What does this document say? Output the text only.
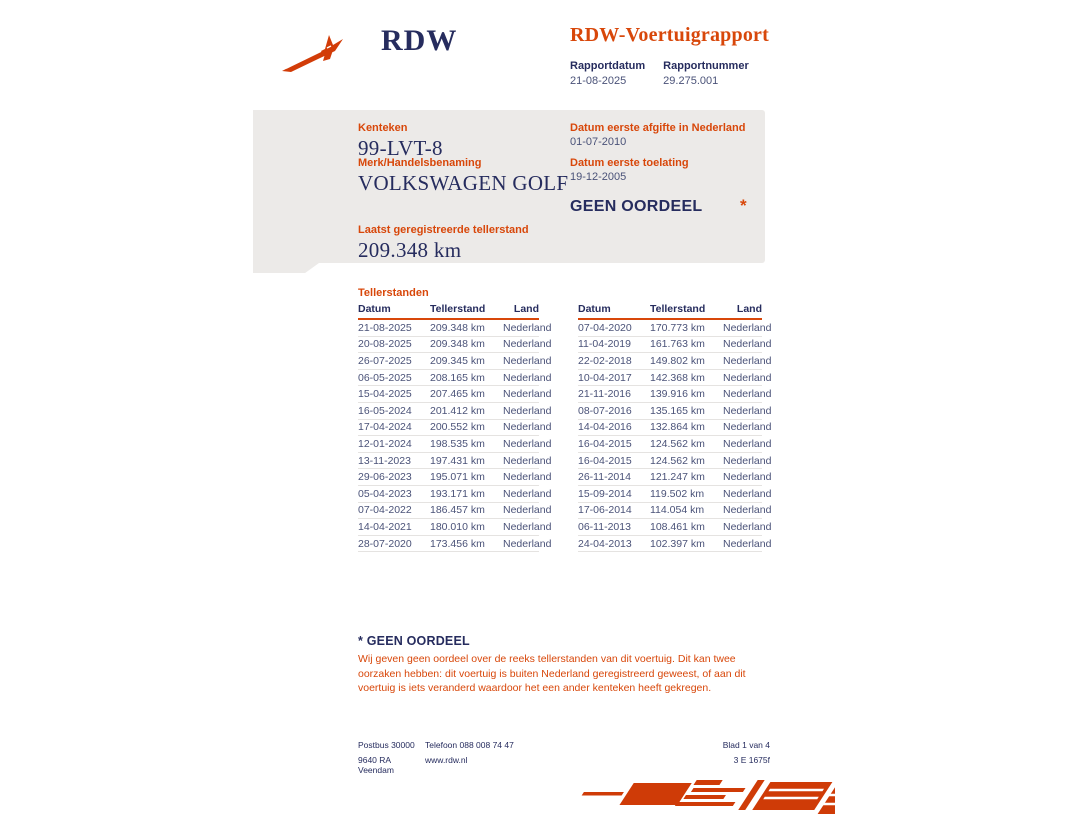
RDW	RDW-Voertuigrapport
Rapportdatum
21-08-2025
Rapportnummer
29.275.001
Kenteken
99-LVT-8
Merk/Handelsbenaming
VOLKSWAGEN GOLF
Laatst geregistreerde tellerstand
209.348 km
Datum eerste afgifte in Nederland
01-07-2010
Datum eerste toelating
19-12-2005
GEEN OORDEEL *
Tellerstanden
Datum	Tellerstand	Land
21-08-2025	209.348 km	Nederland
20-08-2025	209.348 km	Nederland
26-07-2025	209.345 km	Nederland
06-05-2025	208.165 km	Nederland
15-04-2025	207.465 km	Nederland
16-05-2024	201.412 km	Nederland
17-04-2024	200.552 km	Nederland
12-01-2024	198.535 km	Nederland
13-11-2023	197.431 km	Nederland
29-06-2023	195.071 km	Nederland
05-04-2023	193.171 km	Nederland
07-04-2022	186.457 km	Nederland
14-04-2021	180.010 km	Nederland
28-07-2020	173.456 km	Nederland
Datum	Tellerstand	Land
07-04-2020	170.773 km	Nederland
11-04-2019	161.763 km	Nederland
22-02-2018	149.802 km	Nederland
10-04-2017	142.368 km	Nederland
21-11-2016	139.916 km	Nederland
08-07-2016	135.165 km	Nederland
14-04-2016	132.864 km	Nederland
16-04-2015	124.562 km	Nederland
16-04-2015	124.562 km	Nederland
26-11-2014	121.247 km	Nederland
15-09-2014	119.502 km	Nederland
17-06-2014	114.054 km	Nederland
06-11-2013	108.461 km	Nederland
24-04-2013	102.397 km	Nederland
* GEEN OORDEEL
Wij geven geen oordeel over de reeks tellerstanden van dit voertuig. Dit kan twee oorzaken hebben: dit voertuig is buiten Nederland geregistreerd geweest, of aan dit voertuig is iets veranderd waardoor het een ander kenteken heeft gekregen.
Postbus 30000	Telefoon 088 008 74 47	Blad 1 van 4
9640 RA Veendam
www.rdw.nl	3 E 1675f
